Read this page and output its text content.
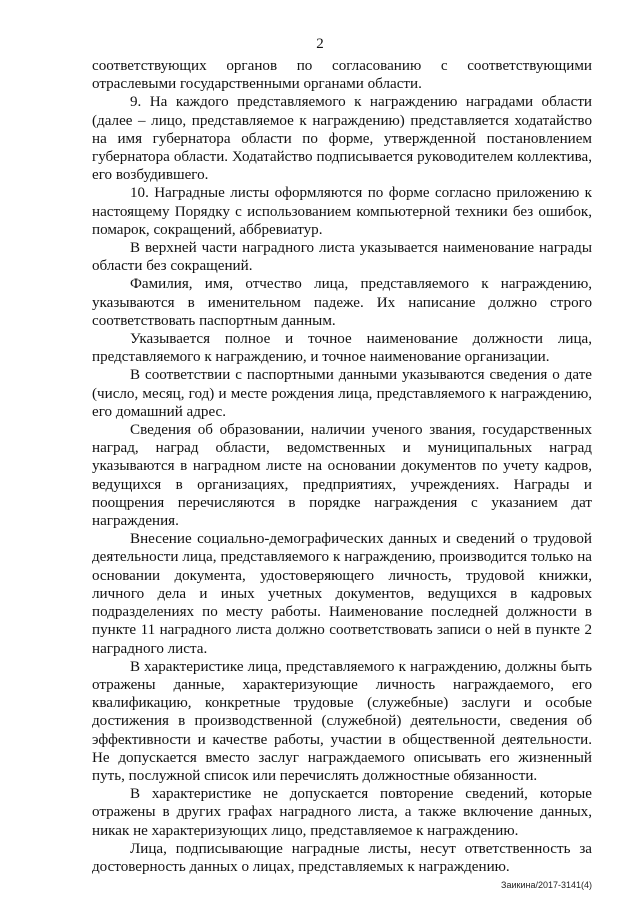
2

соответствующих органов по согласованию с соответствующими отраслевыми государственными органами области.

9. На каждого представляемого к награждению наградами области (далее – лицо, представляемое к награждению) представляется ходатайство на имя губернатора области по форме, утвержденной постановлением губернатора области. Ходатайство подписывается руководителем коллектива, его возбудившего.

10. Наградные листы оформляются по форме согласно приложению к настоящему Порядку с использованием компьютерной техники без ошибок, помарок, сокращений, аббревиатур.

В верхней части наградного листа указывается наименование награды области без сокращений.

Фамилия, имя, отчество лица, представляемого к награждению, указываются в именительном падеже. Их написание должно строго соответствовать паспортным данным.

Указывается полное и точное наименование должности лица, представляемого к награждению, и точное наименование организации.

В соответствии с паспортными данными указываются сведения о дате (число, месяц, год) и месте рождения лица, представляемого к награждению, его домашний адрес.

Сведения об образовании, наличии ученого звания, государственных наград, наград области, ведомственных и муниципальных наград указываются в наградном листе на основании документов по учету кадров, ведущихся в организациях, предприятиях, учреждениях. Награды и поощрения перечисляются в порядке награждения с указанием дат награждения.

Внесение социально-демографических данных и сведений о трудовой деятельности лица, представляемого к награждению, производится только на основании документа, удостоверяющего личность, трудовой книжки, личного дела и иных учетных документов, ведущихся в кадровых подразделениях по месту работы. Наименование последней должности в пункте 11 наградного листа должно соответствовать записи о ней в пункте 2 наградного листа.

В характеристике лица, представляемого к награждению, должны быть отражены данные, характеризующие личность награждаемого, его квалификацию, конкретные трудовые (служебные) заслуги и особые достижения в производственной (служебной) деятельности, сведения об эффективности и качестве работы, участии в общественной деятельности. Не допускается вместо заслуг награждаемого описывать его жизненный путь, послужной список или перечислять должностные обязанности.

В характеристике не допускается повторение сведений, которые отражены в других графах наградного листа, а также включение данных, никак не характеризующих лицо, представляемое к награждению.

Лица, подписывающие наградные листы, несут ответственность за достоверность данных о лицах, представляемых к награждению.

Заикина/2017-3141(4)
